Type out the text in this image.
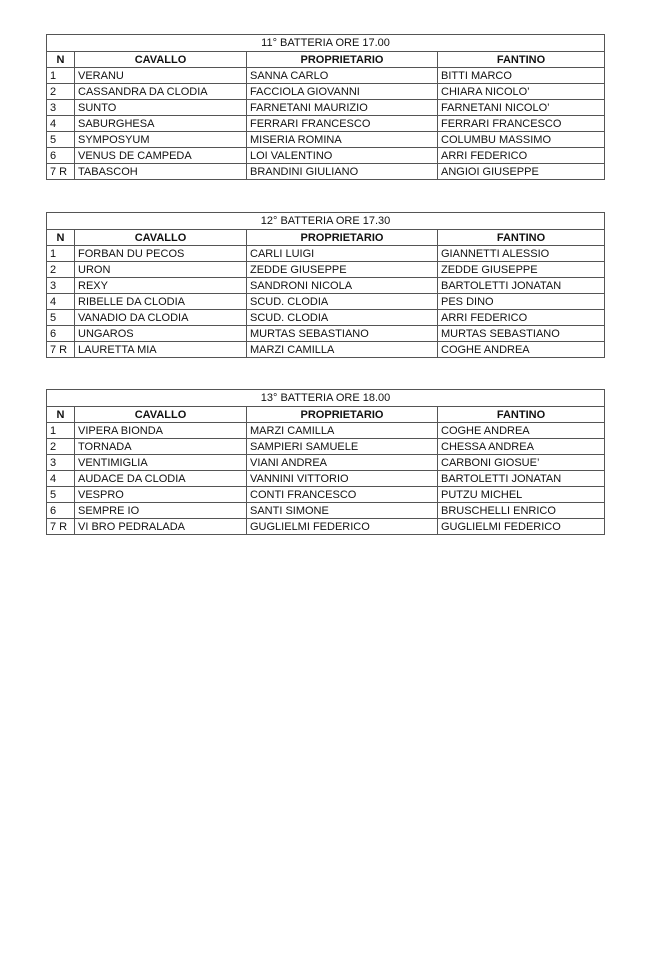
11° BATTERIA ORE 17.00			
N	CAVALLO	PROPRIETARIO	FANTINO
1	VERANU	SANNA CARLO	BITTI MARCO
2	CASSANDRA DA CLODIA	FACCIOLA GIOVANNI	CHIARA NICOLO’
3	SUNTO	FARNETANI MAURIZIO	FARNETANI NICOLO’
4	SABURGHESA	FERRARI FRANCESCO	FERRARI FRANCESCO
5	SYMPOSYUM	MISERIA ROMINA	COLUMBU MASSIMO
6	VENUS DE CAMPEDA	LOI VALENTINO	ARRI FEDERICO
7 R	TABASCOH	BRANDINI GIULIANO	ANGIOI GIUSEPPE
12° BATTERIA ORE 17.30			
N	CAVALLO	PROPRIETARIO	FANTINO
1	FORBAN DU PECOS	CARLI LUIGI	GIANNETTI ALESSIO
2	URON	ZEDDE GIUSEPPE	ZEDDE GIUSEPPE
3	REXY	SANDRONI NICOLA	BARTOLETTI JONATAN
4	RIBELLE DA CLODIA	SCUD. CLODIA	PES DINO
5	VANADIO DA CLODIA	SCUD. CLODIA	ARRI FEDERICO
6	UNGAROS	MURTAS SEBASTIANO	MURTAS SEBASTIANO
7 R	LAURETTA MIA	MARZI CAMILLA	COGHE ANDREA
13° BATTERIA ORE 18.00			
N	CAVALLO	PROPRIETARIO	FANTINO
1	VIPERA BIONDA	MARZI CAMILLA	COGHE ANDREA
2	TORNADA	SAMPIERI SAMUELE	CHESSA ANDREA
3	VENTIMIGLIA	VIANI ANDREA	CARBONI GIOSUE’
4	AUDACE DA CLODIA	VANNINI VITTORIO	BARTOLETTI JONATAN
5	VESPRO	CONTI FRANCESCO	PUTZU MICHEL
6	SEMPRE IO	SANTI SIMONE	BRUSCHELLI ENRICO
7 R	VI BRO PEDRALADA	GUGLIELMI FEDERICO	GUGLIELMI FEDERICO
